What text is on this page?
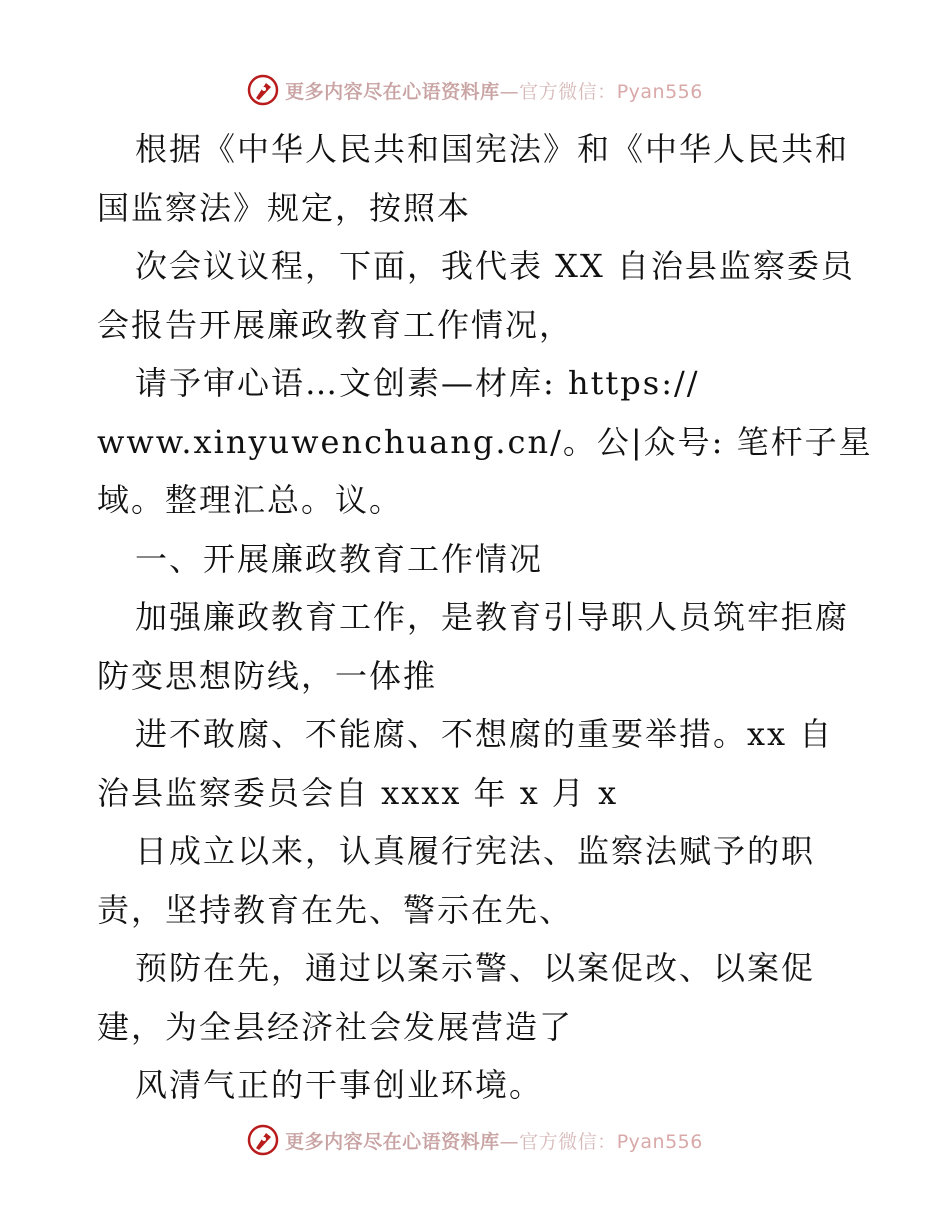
更多内容尽在心语资料库—官方微信：Pyan556
根据《中华人民共和国宪法》和《中华人民共和
国监察法》规定，按照本
次会议议程，下面，我代表 XX 自治县监察委员
会报告开展廉政教育工作情况，
请予审心语…文创素—材库: https://
www.xinyuwenchuang.cn/。公|众号: 笔杆子星
域。整理汇总。议。
一、开展廉政教育工作情况
加强廉政教育工作，是教育引导职人员筑牢拒腐
防变思想防线，一体推
进不敢腐、不能腐、不想腐的重要举措。xx 自
治县监察委员会自 xxxx 年 x 月 x
日成立以来，认真履行宪法、监察法赋予的职
责，坚持教育在先、警示在先、
预防在先，通过以案示警、以案促改、以案促
建，为全县经济社会发展营造了
风清气正的干事创业环境。
更多内容尽在心语资料库—官方微信：Pyan556
